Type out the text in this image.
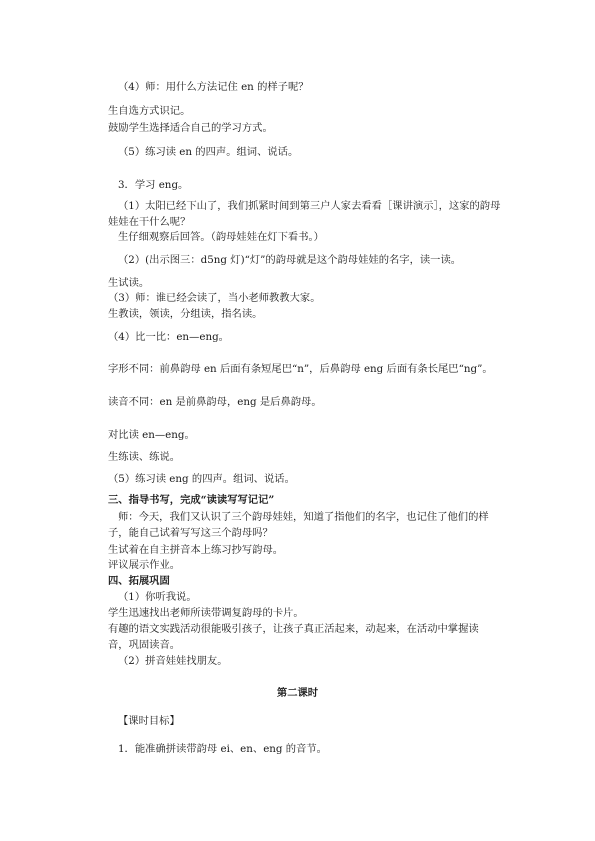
（4）师：用什么方法记住 en 的样子呢？
生自选方式识记。
鼓励学生选择适合自己的学习方式。
（5）练习读 en 的四声。组词、说话。
3．学习 eng。
（1）太阳已经下山了，我们抓紧时间到第三户人家去看看［课讲演示］，这家的韵母
娃娃在干什么呢？
生仔细观察后回答。（韵母娃娃在灯下看书。）
（2）(出示图三：d5ng 灯)“灯”的韵母就是这个韵母娃娃的名字，读一读。
生试读。
（3）师：谁已经会读了，当小老师教教大家。
生教读，领读，分组读，指名读。
（4）比一比：en—eng。
字形不同：前鼻韵母 en 后面有条短尾巴“n”，后鼻韵母 eng 后面有条长尾巴“ng”。
读音不同：en 是前鼻韵母，eng 是后鼻韵母。
对比读 en—eng。
生练读、练说。
（5）练习读 eng 的四声。组词、说话。
三、指导书写，完成“读读写写记记”
师：今天，我们又认识了三个韵母娃娃，知道了指他们的名字，也记住了他们的样
子，能自己试着写写这三个韵母吗？
生试着在自主拼音本上练习抄写韵母。
评议展示作业。
四、拓展巩固
（1）你听我说。
学生迅速找出老师所读带调复韵母的卡片。
有趣的语文实践活动很能吸引孩子，让孩子真正活起来，动起来，在活动中掌握读
音，巩固读音。
（2）拼音娃娃找朋友。
第二课时
【课时目标】
1．能准确拼读带韵母 ei、en、eng 的音节。
